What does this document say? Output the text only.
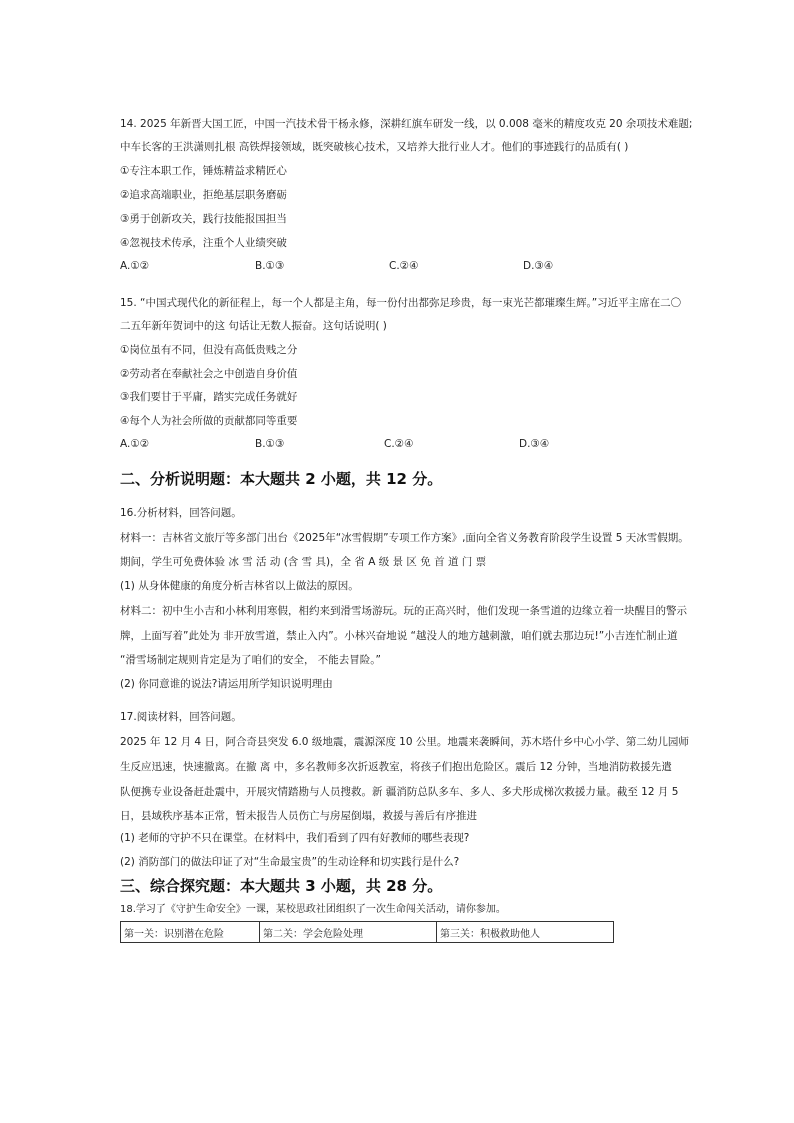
14. 2025 年新晋大国工匠，中国一汽技术骨干杨永修，深耕红旗车研发一线，以 0.008 毫米的精度攻克 20 余项技术难题;
中车长客的王洪潇则扎根 高铁焊接领域，既突破核心技术，又培养大批行业人才。他们的事迹践行的品质有( )
①专注本职工作，锤炼精益求精匠心
②追求高端职业，拒绝基层职务磨砺
③勇于创新攻关，践行技能报国担当
④忽视技术传承，注重个人业绩突破
A.①②	B.①③	C.②④	D.③④
15. “中国式现代化的新征程上，每一个人都是主角，每一份付出都弥足珍贵，每一束光芒都璀璨生辉。”习近平主席在二〇
二五年新年贺词中的这 句话让无数人振奋。这句话说明( )
①岗位虽有不同，但没有高低贵贱之分
②劳动者在奉献社会之中创造自身价值
③我们要甘于平庸，踏实完成任务就好
④每个人为社会所做的贡献都同等重要
A.①②	B.①③	C.②④	D.③④
二、分析说明题：本大题共 2 小题，共 12 分。
16.分析材料，回答问题。
材料一：吉林省文旅厅等多部门出台《2025年“冰雪假期”专项工作方案》,面向全省义务教育阶段学生设置 5 天冰雪假期。
期间，学生可免费体验 冰 雪 活 动 (含 雪 具)，全 省 A 级 景 区 免 首 道 门 票
(1) 从身体健康的角度分析吉林省以上做法的原因。
材料二：初中生小吉和小林利用寒假，相约来到滑雪场游玩。玩的正高兴时，他们发现一条雪道的边缘立着一块醒目的警示
牌，上面写着”此处为 非开放雪道，禁止入内”。小林兴奋地说 “越没人的地方越刺激，咱们就去那边玩!”小吉连忙制止道
“滑雪场制定规则肯定是为了咱们的安全， 不能去冒险。”
(2) 你同意谁的说法?请运用所学知识说明理由
17.阅读材料，回答问题。
2025 年 12 月 4 日，阿合奇县突发 6.0 级地震，震源深度 10 公里。地震来袭瞬间，苏木塔什乡中心小学、第二幼儿园师
生反应迅速，快速撤离。在撤 离 中，多名教师多次折返教室，将孩子们抱出危险区。震后 12 分钟，当地消防救援先遣
队便携专业设备赶赴震中，开展灾情踏勘与人员搜救。新 疆消防总队多车、多人、多犬彤成梯次救援力量。截至 12 月 5
日，县域秩序基本正常，暂未报告人员伤亡与房屋倒塌，救援与善后有序推进
(1) 老师的守护不只在课堂。在材料中，我们看到了四有好教师的哪些表现?
(2) 消防部门的做法印证了对“生命最宝贵”的生动诠释和切实践行是什么?
三、综合探究题：本大题共 3 小题，共 28 分。
18.学习了《守护生命安全》一课，某校思政社团组织了一次生命闯关活动，请你参加。
第一关：识别潜在危险	第二关：学会危险处理	第三关：积极救助他人
